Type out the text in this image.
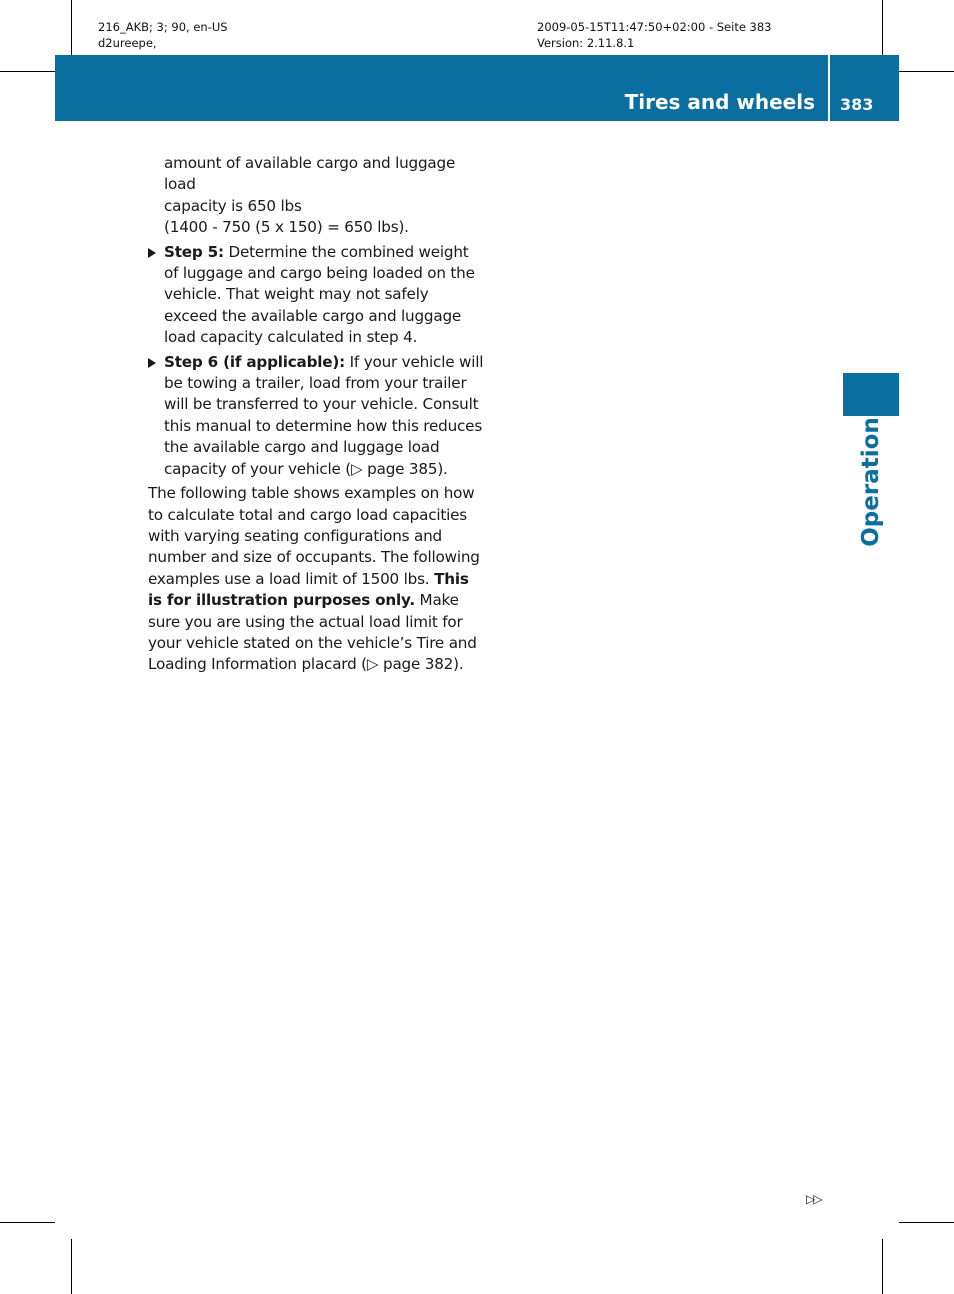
216_AKB; 3; 90, en-US
d2ureepe,
2009-05-15T11:47:50+02:00 - Seite 383
Version: 2.11.8.1
Tires and wheels 383
Operation

amount of available cargo and luggage load
capacity is 650 lbs
(1400 - 750 (5 x 150) = 650 lbs).

Step 5: Determine the combined weight of luggage and cargo being loaded on the vehicle. That weight may not safely exceed the available cargo and luggage load capacity calculated in step 4.

Step 6 (if applicable): If your vehicle will be towing a trailer, load from your trailer will be transferred to your vehicle. Consult this manual to determine how this reduces the available cargo and luggage load capacity of your vehicle (▷ page 385).

The following table shows examples on how to calculate total and cargo load capacities with varying seating configurations and number and size of occupants. The following examples use a load limit of 1500 lbs. This is for illustration purposes only. Make sure you are using the actual load limit for your vehicle stated on the vehicle’s Tire and Loading Information placard (▷ page 382).

▷▷
